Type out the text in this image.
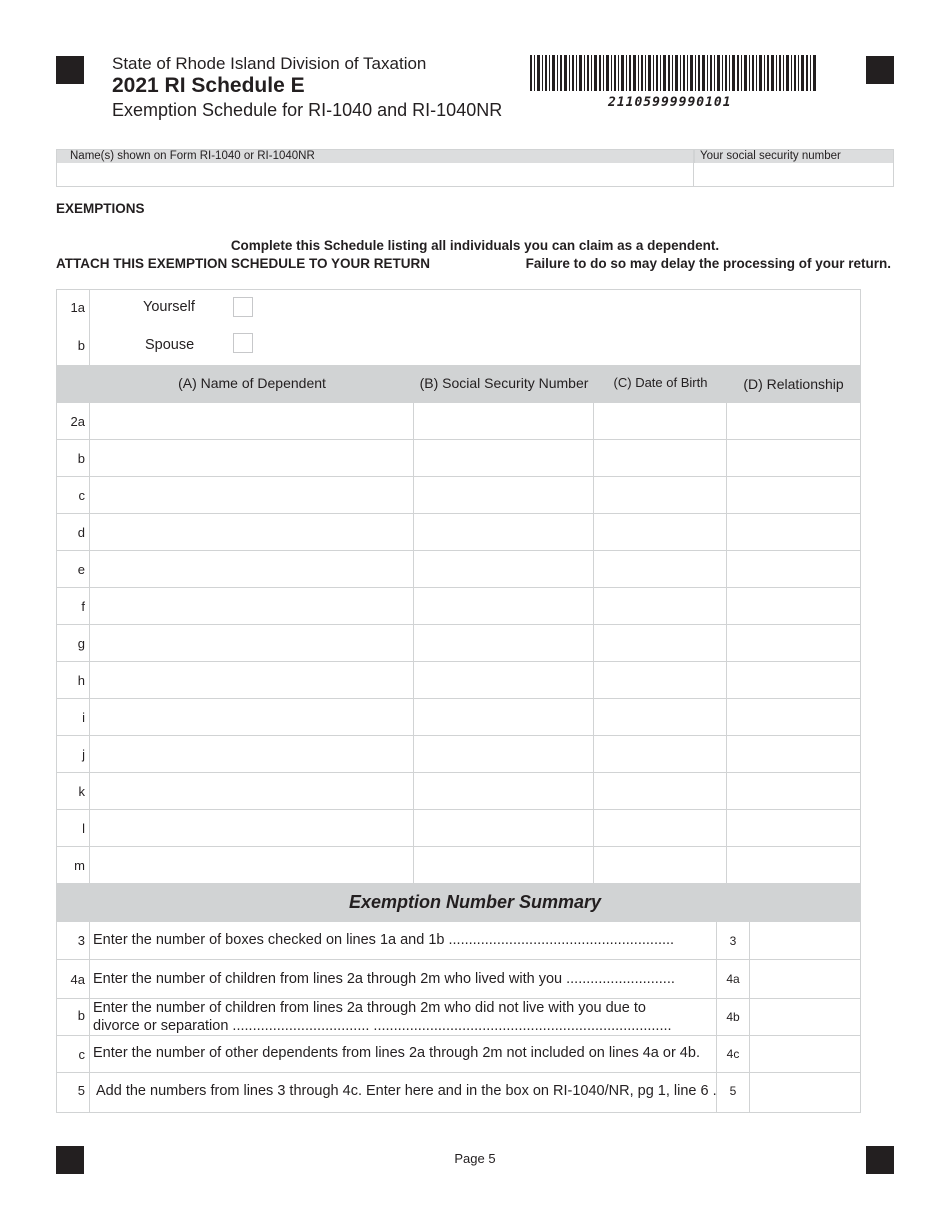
State of Rhode Island Division of Taxation
2021 RI Schedule E
Exemption Schedule for RI-1040 and RI-1040NR	21105999990101
Name(s) shown on Form RI-1040 or RI-1040NR	Your social security number
EXEMPTIONS
Complete this Schedule listing all individuals you can claim as a dependent.
ATTACH THIS EXEMPTION SCHEDULE TO YOUR RETURN	Failure to do so may delay the processing of your return.
1a	Yourself
b	Spouse
(A) Name of Dependent	(B) Social Security Number	(C) Date of Birth	(D) Relationship
2a
b
c
d
e
f
g
h
i
j
k
l
m
Exemption Number Summary
3 Enter the number of boxes checked on lines 1a and 1b ........................................................	3
4a Enter the number of children from lines 2a through 2m who lived with you ...........................	4a
b Enter the number of children from lines 2a through 2m who did not live with you due to
divorce or separation .................................. ..........................................................................
4b
c Enter the number of other dependents from lines 2a through 2m not included on lines 4a or 4b.	4c
5 Add the numbers from lines 3 through 4c. Enter here and in the box on RI-1040/NR, pg 1, line 6 .	5
Page 5
